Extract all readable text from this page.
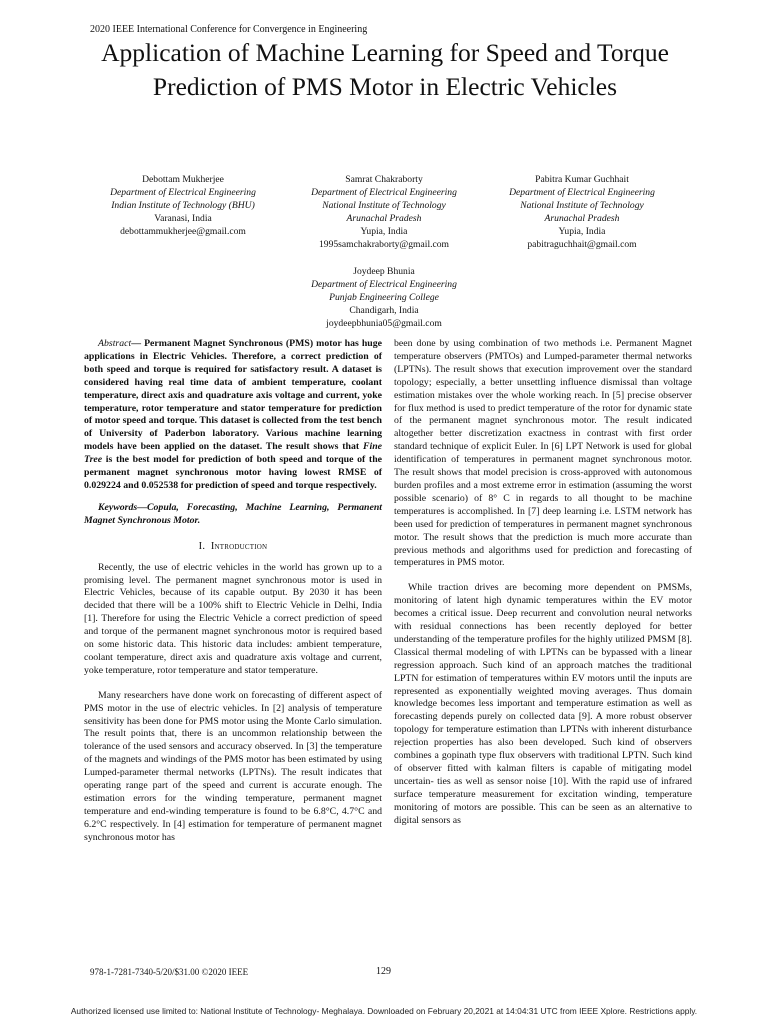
2020 IEEE International Conference for Convergence in Engineering
Application of Machine Learning for Speed and Torque Prediction of PMS Motor in Electric Vehicles
Debottam Mukherjee
Department of Electrical Engineering
Indian Institute of Technology (BHU)
Varanasi, India
debottammukherjee@gmail.com
Samrat Chakraborty
Department of Electrical Engineering
National Institute of Technology
Arunachal Pradesh
Yupia, India
1995samchakraborty@gmail.com
Pabitra Kumar Guchhait
Department of Electrical Engineering
National Institute of Technology
Arunachal Pradesh
Yupia, India
pabitraguchhait@gmail.com
Joydeep Bhunia
Department of Electrical Engineering
Punjab Engineering College
Chandigarh, India
joydeepbhunia05@gmail.com

Abstract— Permanent Magnet Synchronous (PMS) motor has huge applications in Electric Vehicles. Therefore, a correct prediction of both speed and torque is required for satisfactory result. A dataset is considered having real time data of ambient temperature, coolant temperature, direct axis and quadrature axis voltage and current, yoke temperature, rotor temperature and stator temperature for prediction of motor speed and torque. This dataset is collected from the test bench of University of Paderbon laboratory. Various machine learning models have been applied on the dataset. The result shows that Fine Tree is the best model for prediction of both speed and torque of the permanent magnet synchronous motor having lowest RMSE of 0.029224 and 0.052538 for prediction of speed and torque respectively.

Keywords—Copula, Forecasting, Machine Learning, Permanent Magnet Synchronous Motor.

I. Introduction

Recently, the use of electric vehicles in the world has grown up to a promising level. The permanent magnet synchronous motor is used in Electric Vehicles, because of its capable output. By 2030 it has been decided that there will be a 100% shift to Electric Vehicle in Delhi, India [1]. Therefore for using the Electric Vehicle a correct prediction of speed and torque of the permanent magnet synchronous motor is required based on some historic data. This historic data includes: ambient temperature, coolant temperature, direct axis and quadrature axis voltage and current, yoke temperature, rotor temperature and stator temperature.

Many researchers have done work on forecasting of different aspect of PMS motor in the use of electric vehicles. In [2] analysis of temperature sensitivity has been done for PMS motor using the Monte Carlo simulation. The result points that, there is an uncommon relationship between the tolerance of the used sensors and accuracy observed. In [3] the temperature of the magnets and windings of the PMS motor has been estimated by using Lumped-parameter thermal networks (LPTNs). The result indicates that operating range part of the speed and current is accurate enough. The estimation errors for the winding temperature, permanent magnet temperature and end-winding temperature is found to be 6.8°C, 4.7°C and 6.2°C respectively. In [4] estimation for temperature of permanent magnet synchronous motor has

been done by using combination of two methods i.e. Permanent Magnet temperature observers (PMTOs) and Lumped-parameter thermal networks (LPTNs). The result shows that execution improvement over the standard topology; especially, a better unsettling influence dismissal than voltage estimation mistakes over the whole working reach. In [5] precise observer for flux method is used to predict temperature of the rotor for dynamic state of the permanent magnet synchronous motor. The result indicated altogether better discretization exactness in contrast with first order standard technique of explicit Euler. In [6] LPT Network is used for global identification of temperatures in permanent magnet synchronous motor. The result shows that model precision is cross-approved with autonomous burden profiles and a most extreme error in estimation (assuming the worst possible scenario) of 8° C in regards to all thought to be machine temperatures is accomplished. In [7] deep learning i.e. LSTM network has been used for prediction of temperatures in permanent magnet synchronous motor. The result shows that the prediction is much more accurate than previous methods and algorithms used for prediction and forecasting of temperatures in PMS motor.

While traction drives are becoming more dependent on PMSMs, monitoring of latent high dynamic temperatures within the EV motor becomes a critical issue. Deep recurrent and convolution neural networks with residual connections has been recently deployed for better understanding of the temperature profiles for the highly utilized PMSM [8]. Classical thermal modeling of with LPTNs can be bypassed with a linear regression approach. Such kind of an approach matches the traditional LPTN for estimation of temperatures within EV motors until the inputs are represented as exponentially weighted moving averages. Thus domain knowledge becomes less important and temperature estimation as well as forecasting depends purely on collected data [9]. A more robust observer topology for temperature estimation than LPTNs with inherent disturbance rejection properties has also been developed. Such kind of observers combines a gopinath type flux observers with traditional LPTN. Such kind of observer fitted with kalman filters is capable of mitigating model uncertain- ties as well as sensor noise [10]. With the rapid use of infrared surface temperature measurement for excitation winding, temperature monitoring of motors are possible. This can be seen as an alternative to digital sensors as

978-1-7281-7340-5/20/$31.00 ©2020 IEEE	129
Authorized licensed use limited to: National Institute of Technology- Meghalaya. Downloaded on February 20,2021 at 14:04:31 UTC from IEEE Xplore. Restrictions apply.
